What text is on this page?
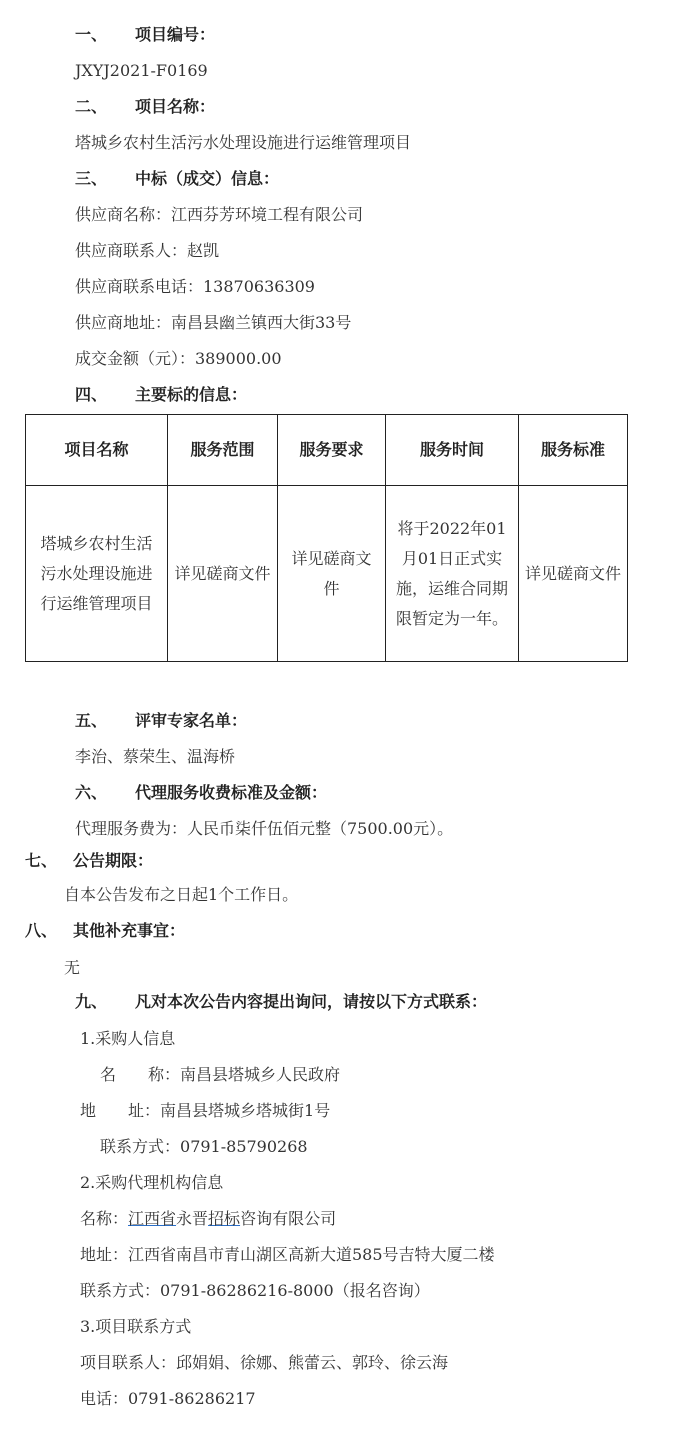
一、 项目编号：
JXYJ2021-F0169
二、 项目名称：
塔城乡农村生活污水处理设施进行运维管理项目
三、 中标（成交）信息：
供应商名称：江西芬芳环境工程有限公司
供应商联系人：赵凯
供应商联系电话：13870636309
供应商地址：南昌县幽兰镇西大街33号
成交金额（元）：389000.00
四、 主要标的信息：
项目名称	服务范围	服务要求	服务时间	服务标准
塔城乡农村生活污水处理设施进行运维管理项目	详见磋商文件	详见磋商文件	将于2022年01月01日正式实施，运维合同期限暂定为一年。	详见磋商文件
五、 评审专家名单：
李治、蔡荣生、温海桥
六、 代理服务收费标准及金额：
代理服务费为：人民币柒仟伍佰元整（7500.00元）。
七、 公告期限：
自本公告发布之日起1个工作日。
八、 其他补充事宜：
无
九、 凡对本次公告内容提出询问，请按以下方式联系：
1.采购人信息
名　　称：南昌县塔城乡人民政府
地　　址：南昌县塔城乡塔城街1号
联系方式：0791-85790268
2.采购代理机构信息
名称：江西省永晋招标咨询有限公司
地址：江西省南昌市青山湖区高新大道585号吉特大厦二楼
联系方式：0791-86286216-8000（报名咨询）
3.项目联系方式
项目联系人：邱娟娟、徐娜、熊蕾云、郭玲、徐云海
电话：0791-86286217
